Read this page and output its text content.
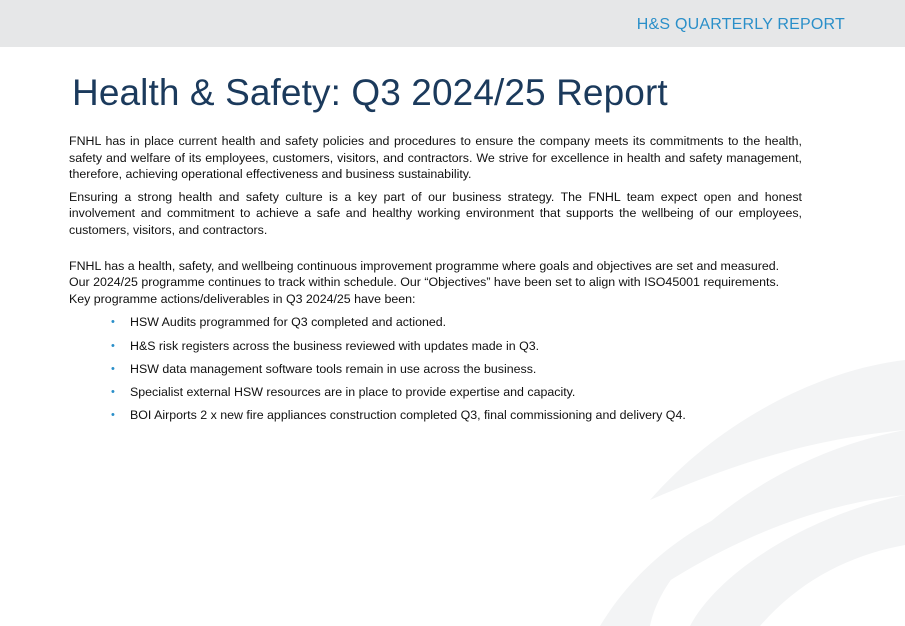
H&S QUARTERLY REPORT
Health & Safety: Q3 2024/25 Report

FNHL has in place current health and safety policies and procedures to ensure the company meets its commitments to the health, safety and welfare of its employees, customers, visitors, and contractors. We strive for excellence in health and safety management, therefore, achieving operational effectiveness and business sustainability.

Ensuring a strong health and safety culture is a key part of our business strategy. The FNHL team expect open and honest involvement and commitment to achieve a safe and healthy working environment that supports the wellbeing of our employees, customers, visitors, and contractors.

FNHL has a health, safety, and wellbeing continuous improvement programme where goals and objectives are set and measured. Our 2024/25 programme continues to track within schedule. Our “Objectives” have been set to align with ISO45001 requirements. Key programme actions/deliverables in Q3 2024/25 have been:

• HSW Audits programmed for Q3 completed and actioned.
• H&S risk registers across the business reviewed with updates made in Q3.
• HSW data management software tools remain in use across the business.
• Specialist external HSW resources are in place to provide expertise and capacity.
• BOI Airports 2 x new fire appliances construction completed Q3, final commissioning and delivery Q4.
